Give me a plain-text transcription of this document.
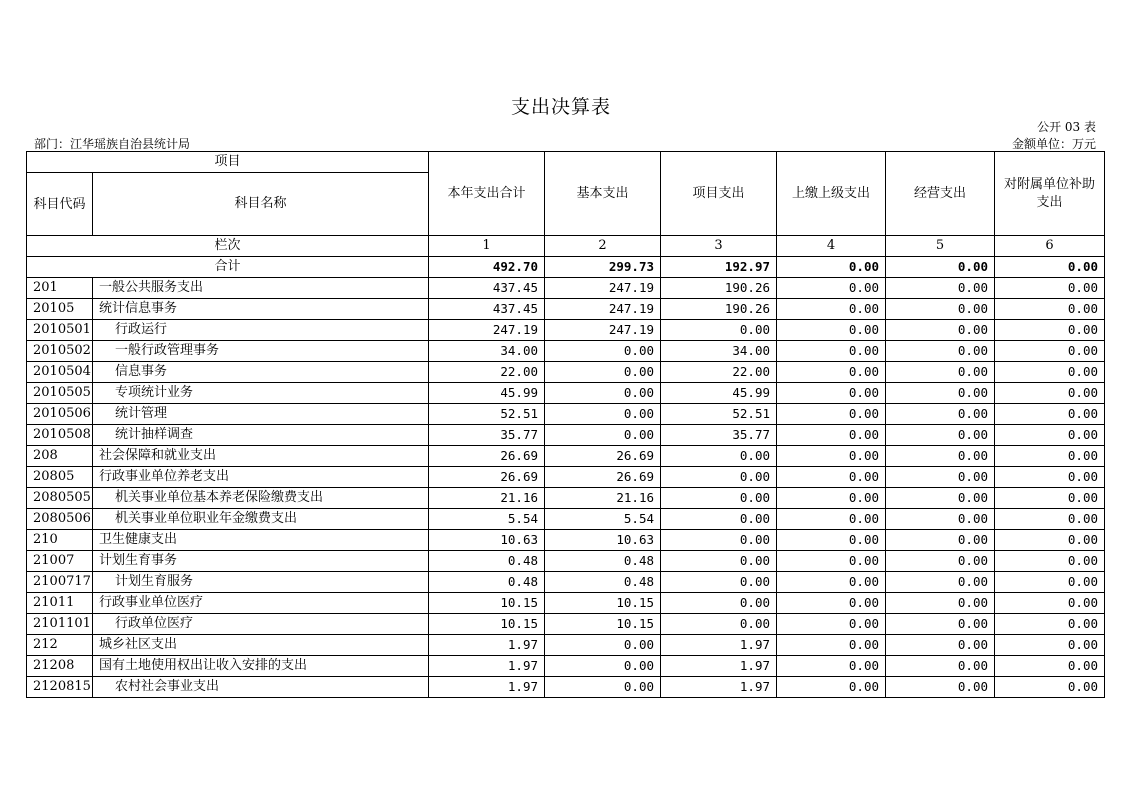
支出决算表
公开 03 表
部门：江华瑶族自治县统计局	金额单位：万元
项目		本年支出合计	基本支出	项目支出	上缴上级支出	经营支出	对附属单位补助支出
科目代码	科目名称						
栏次		1	2	3	4	5	6
合计		492.70	299.73	192.97	0.00	0.00	0.00
201	一般公共服务支出	437.45	247.19	190.26	0.00	0.00	0.00
20105	统计信息事务	437.45	247.19	190.26	0.00	0.00	0.00
2010501	行政运行	247.19	247.19	0.00	0.00	0.00	0.00
2010502	一般行政管理事务	34.00	0.00	34.00	0.00	0.00	0.00
2010504	信息事务	22.00	0.00	22.00	0.00	0.00	0.00
2010505	专项统计业务	45.99	0.00	45.99	0.00	0.00	0.00
2010506	统计管理	52.51	0.00	52.51	0.00	0.00	0.00
2010508	统计抽样调查	35.77	0.00	35.77	0.00	0.00	0.00
208	社会保障和就业支出	26.69	26.69	0.00	0.00	0.00	0.00
20805	行政事业单位养老支出	26.69	26.69	0.00	0.00	0.00	0.00
2080505	机关事业单位基本养老保险缴费支出	21.16	21.16	0.00	0.00	0.00	0.00
2080506	机关事业单位职业年金缴费支出	5.54	5.54	0.00	0.00	0.00	0.00
210	卫生健康支出	10.63	10.63	0.00	0.00	0.00	0.00
21007	计划生育事务	0.48	0.48	0.00	0.00	0.00	0.00
2100717	计划生育服务	0.48	0.48	0.00	0.00	0.00	0.00
21011	行政事业单位医疗	10.15	10.15	0.00	0.00	0.00	0.00
2101101	行政单位医疗	10.15	10.15	0.00	0.00	0.00	0.00
212	城乡社区支出	1.97	0.00	1.97	0.00	0.00	0.00
21208	国有土地使用权出让收入安排的支出	1.97	0.00	1.97	0.00	0.00	0.00
2120815	农村社会事业支出	1.97	0.00	1.97	0.00	0.00	0.00
